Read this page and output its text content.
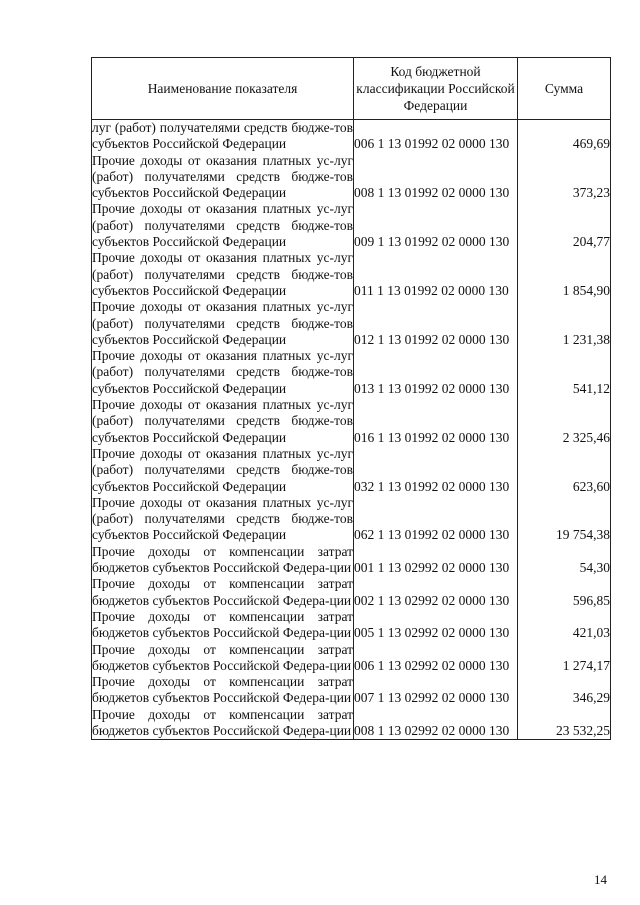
Наименование показателя	Код бюджетной классификации Российской Федерации	Сумма
луг (работ) получателями средств бюдже-тов субъектов Российской Федерации	006 1 13 01992 02 0000 130	469,69
Прочие доходы от оказания платных ус-луг (работ) получателями средств бюдже-тов субъектов Российской Федерации	008 1 13 01992 02 0000 130	373,23
Прочие доходы от оказания платных ус-луг (работ) получателями средств бюдже-тов субъектов Российской Федерации	009 1 13 01992 02 0000 130	204,77
Прочие доходы от оказания платных ус-луг (работ) получателями средств бюдже-тов субъектов Российской Федерации	011 1 13 01992 02 0000 130	1 854,90
Прочие доходы от оказания платных ус-луг (работ) получателями средств бюдже-тов субъектов Российской Федерации	012 1 13 01992 02 0000 130	1 231,38
Прочие доходы от оказания платных ус-луг (работ) получателями средств бюдже-тов субъектов Российской Федерации	013 1 13 01992 02 0000 130	541,12
Прочие доходы от оказания платных ус-луг (работ) получателями средств бюдже-тов субъектов Российской Федерации	016 1 13 01992 02 0000 130	2 325,46
Прочие доходы от оказания платных ус-луг (работ) получателями средств бюдже-тов субъектов Российской Федерации	032 1 13 01992 02 0000 130	623,60
Прочие доходы от оказания платных ус-луг (работ) получателями средств бюдже-тов субъектов Российской Федерации	062 1 13 01992 02 0000 130	19 754,38
Прочие доходы от компенсации затрат бюджетов субъектов Российской Федера-ции	001 1 13 02992 02 0000 130	54,30
Прочие доходы от компенсации затрат бюджетов субъектов Российской Федера-ции	002 1 13 02992 02 0000 130	596,85
Прочие доходы от компенсации затрат бюджетов субъектов Российской Федера-ции	005 1 13 02992 02 0000 130	421,03
Прочие доходы от компенсации затрат бюджетов субъектов Российской Федера-ции	006 1 13 02992 02 0000 130	1 274,17
Прочие доходы от компенсации затрат бюджетов субъектов Российской Федера-ции	007 1 13 02992 02 0000 130	346,29
Прочие доходы от компенсации затрат бюджетов субъектов Российской Федера-ции	008 1 13 02992 02 0000 130	23 532,25
14
